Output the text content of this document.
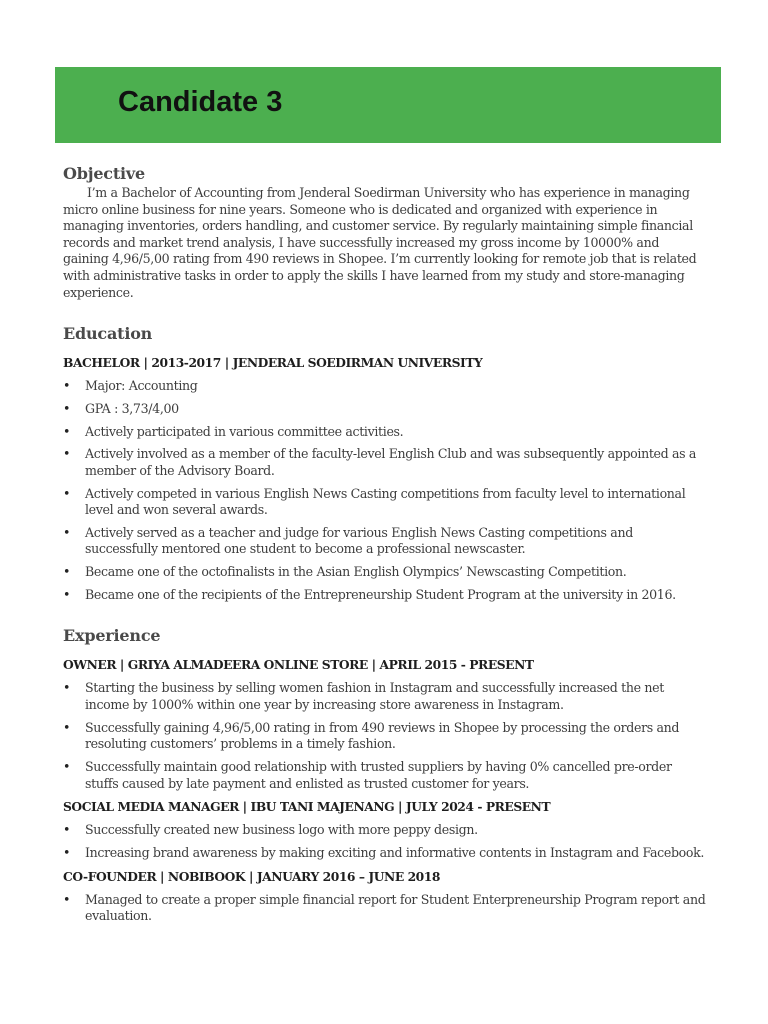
Candidate 3
Objective

I’m a Bachelor of Accounting from Jenderal Soedirman University who has experience in managing micro online business for nine years. Someone who is dedicated and organized with experience in managing inventories, orders handling, and customer service. By regularly maintaining simple financial records and market trend analysis, I have successfully increased my gross income by 10000% and gaining 4,96/5,00 rating from 490 reviews in Shopee. I’m currently looking for remote job that is related with administrative tasks in order to apply the skills I have learned from my study and store-managing experience.

Education
BACHELOR | 2013-2017 | JENDERAL SOEDIRMAN UNIVERSITY
• Major: Accounting
• GPA : 3,73/4,00
• Actively participated in various committee activities.
• Actively involved as a member of the faculty-level English Club and was subsequently appointed as a member of the Advisory Board.
• Actively competed in various English News Casting competitions from faculty level to international level and won several awards.
• Actively served as a teacher and judge for various English News Casting competitions and successfully mentored one student to become a professional newscaster.
• Became one of the octofinalists in the Asian English Olympics’ Newscasting Competition.
• Became one of the recipients of the Entrepreneurship Student Program at the university in 2016.
Experience
OWNER | GRIYA ALMADEERA ONLINE STORE | APRIL 2015 - PRESENT
• Starting the business by selling women fashion in Instagram and successfully increased the net income by 1000% within one year by increasing store awareness in Instagram.
• Successfully gaining 4,96/5,00 rating in from 490 reviews in Shopee by processing the orders and resoluting customers’ problems in a timely fashion.
• Successfully maintain good relationship with trusted suppliers by having 0% cancelled pre-order stuffs caused by late payment and enlisted as trusted customer for years.
SOCIAL MEDIA MANAGER | IBU TANI MAJENANG | JULY 2024 - PRESENT
• Successfully created new business logo with more peppy design.
• Increasing brand awareness by making exciting and informative contents in Instagram and Facebook.
CO-FOUNDER | NOBIBOOK | JANUARY 2016 – JUNE 2018
• Managed to create a proper simple financial report for Student Enterpreneurship Program report and evaluation.
